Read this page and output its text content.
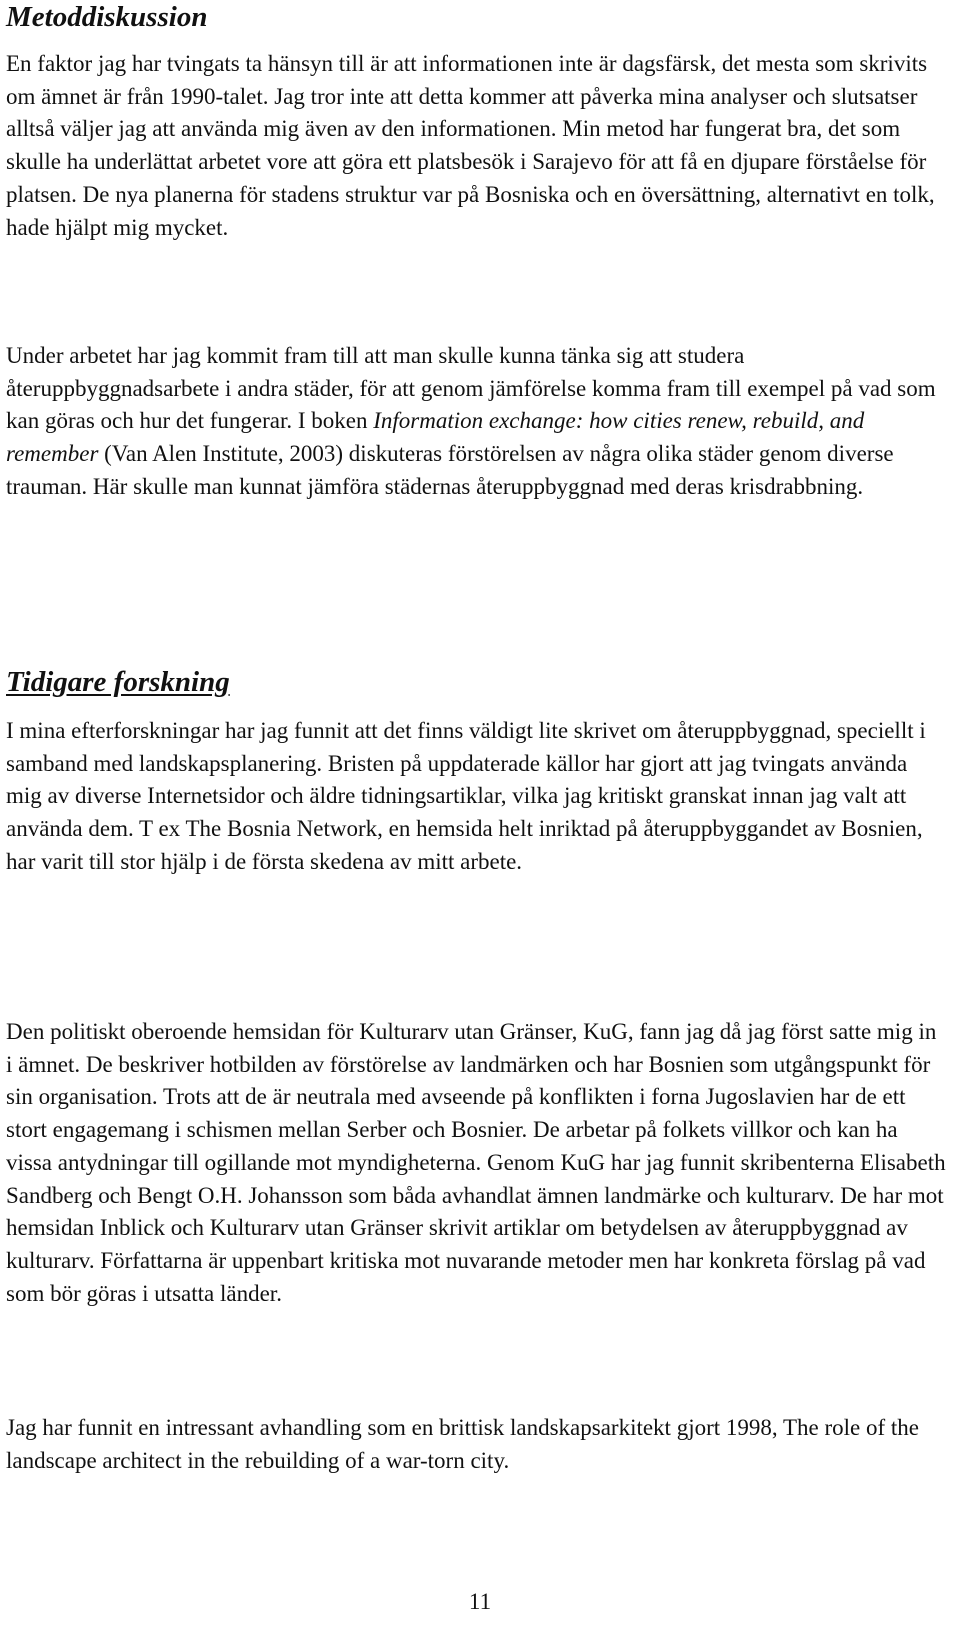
Metoddiskussion

En faktor jag har tvingats ta hänsyn till är att informationen inte är dagsfärsk, det mesta som skrivits om ämnet är från 1990-talet. Jag tror inte att detta kommer att påverka mina analyser och slutsatser alltså väljer jag att använda mig även av den informationen. Min metod har fungerat bra, det som skulle ha underlättat arbetet vore att göra ett platsbesök i Sarajevo för att få en djupare förståelse för platsen. De nya planerna för stadens struktur var på Bosniska och en översättning, alternativt en tolk, hade hjälpt mig mycket.

Under arbetet har jag kommit fram till att man skulle kunna tänka sig att studera återuppbyggnadsarbete i andra städer, för att genom jämförelse komma fram till exempel på vad som kan göras och hur det fungerar. I boken Information exchange: how cities renew, rebuild, and remember (Van Alen Institute, 2003) diskuteras förstörelsen av några olika städer genom diverse trauman. Här skulle man kunnat jämföra städernas återuppbyggnad med deras krisdrabbning.

Tidigare forskning

I mina efterforskningar har jag funnit att det finns väldigt lite skrivet om återuppbyggnad, speciellt i samband med landskapsplanering. Bristen på uppdaterade källor har gjort att jag tvingats använda mig av diverse Internetsidor och äldre tidningsartiklar, vilka jag kritiskt granskat innan jag valt att använda dem. T ex The Bosnia Network, en hemsida helt inriktad på återuppbyggandet av Bosnien, har varit till stor hjälp i de första skedena av mitt arbete.

Den politiskt oberoende hemsidan för Kulturarv utan Gränser, KuG, fann jag då jag först satte mig in i ämnet. De beskriver hotbilden av förstörelse av landmärken och har Bosnien som utgångspunkt för sin organisation. Trots att de är neutrala med avseende på konflikten i forna Jugoslavien har de ett stort engagemang i schismen mellan Serber och Bosnier. De arbetar på folkets villkor och kan ha vissa antydningar till ogillande mot myndigheterna. Genom KuG har jag funnit skribenterna Elisabeth Sandberg och Bengt O.H. Johansson som båda avhandlat ämnen landmärke och kulturarv. De har mot hemsidan Inblick och Kulturarv utan Gränser skrivit artiklar om betydelsen av återuppbyggnad av kulturarv. Författarna är uppenbart kritiska mot nuvarande metoder men har konkreta förslag på vad som bör göras i utsatta länder.

Jag har funnit en intressant avhandling som en brittisk landskapsarkitekt gjort 1998, The role of the landscape architect in the rebuilding of a war-torn city.

11
